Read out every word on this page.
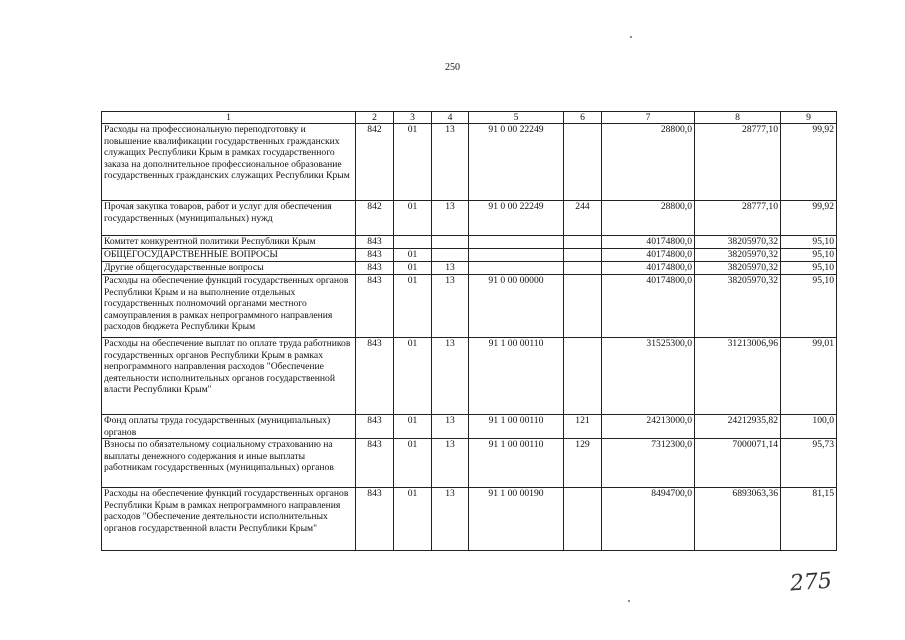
250
1	2	3	4	5	6	7	8	9
Расходы на профессиональную переподготовку и повышение квалификации государственных гражданских служащих Республики Крым в рамках государственного заказа на дополнительное профессиональное образование государственных гражданских служащих Республики Крым	842	01	13	91 0 00 22249		28800,0	28777,10	99,92
Прочая закупка товаров, работ и услуг для обеспечения государственных (муниципальных) нужд	842	01	13	91 0 00 22249	244	28800,0	28777,10	99,92
Комитет конкурентной политики Республики Крым	843					40174800,0	38205970,32	95,10
ОБЩЕГОСУДАРСТВЕННЫЕ ВОПРОСЫ	843	01				40174800,0	38205970,32	95,10
Другие общегосударственные вопросы	843	01	13			40174800,0	38205970,32	95,10
Расходы на обеспечение функций государственных органов Республики Крым и на выполнение отдельных государственных полномочий органами местного самоуправления в рамках непрограммного направления расходов бюджета Республики Крым	843	01	13	91 0 00 00000		40174800,0	38205970,32	95,10
Расходы на обеспечение выплат по оплате труда работников государственных органов Республики Крым в рамках непрограммного направления расходов "Обеспечение деятельности исполнительных органов государственной власти Республики Крым"	843	01	13	91 1 00 00110		31525300,0	31213006,96	99,01
Фонд оплаты труда государственных (муниципальных) органов	843	01	13	91 1 00 00110	121	24213000,0	24212935,82	100,0
Взносы по обязательному социальному страхованию на выплаты денежного содержания и иные выплаты работникам государственных (муниципальных) органов	843	01	13	91 1 00 00110	129	7312300,0	7000071,14	95,73
Расходы на обеспечение функций государственных органов Республики Крым в рамках непрограммного направления расходов "Обеспечение деятельности исполнительных органов государственной власти Республики Крым"	843	01	13	91 1 00 00190		8494700,0	6893063,36	81,15
275
